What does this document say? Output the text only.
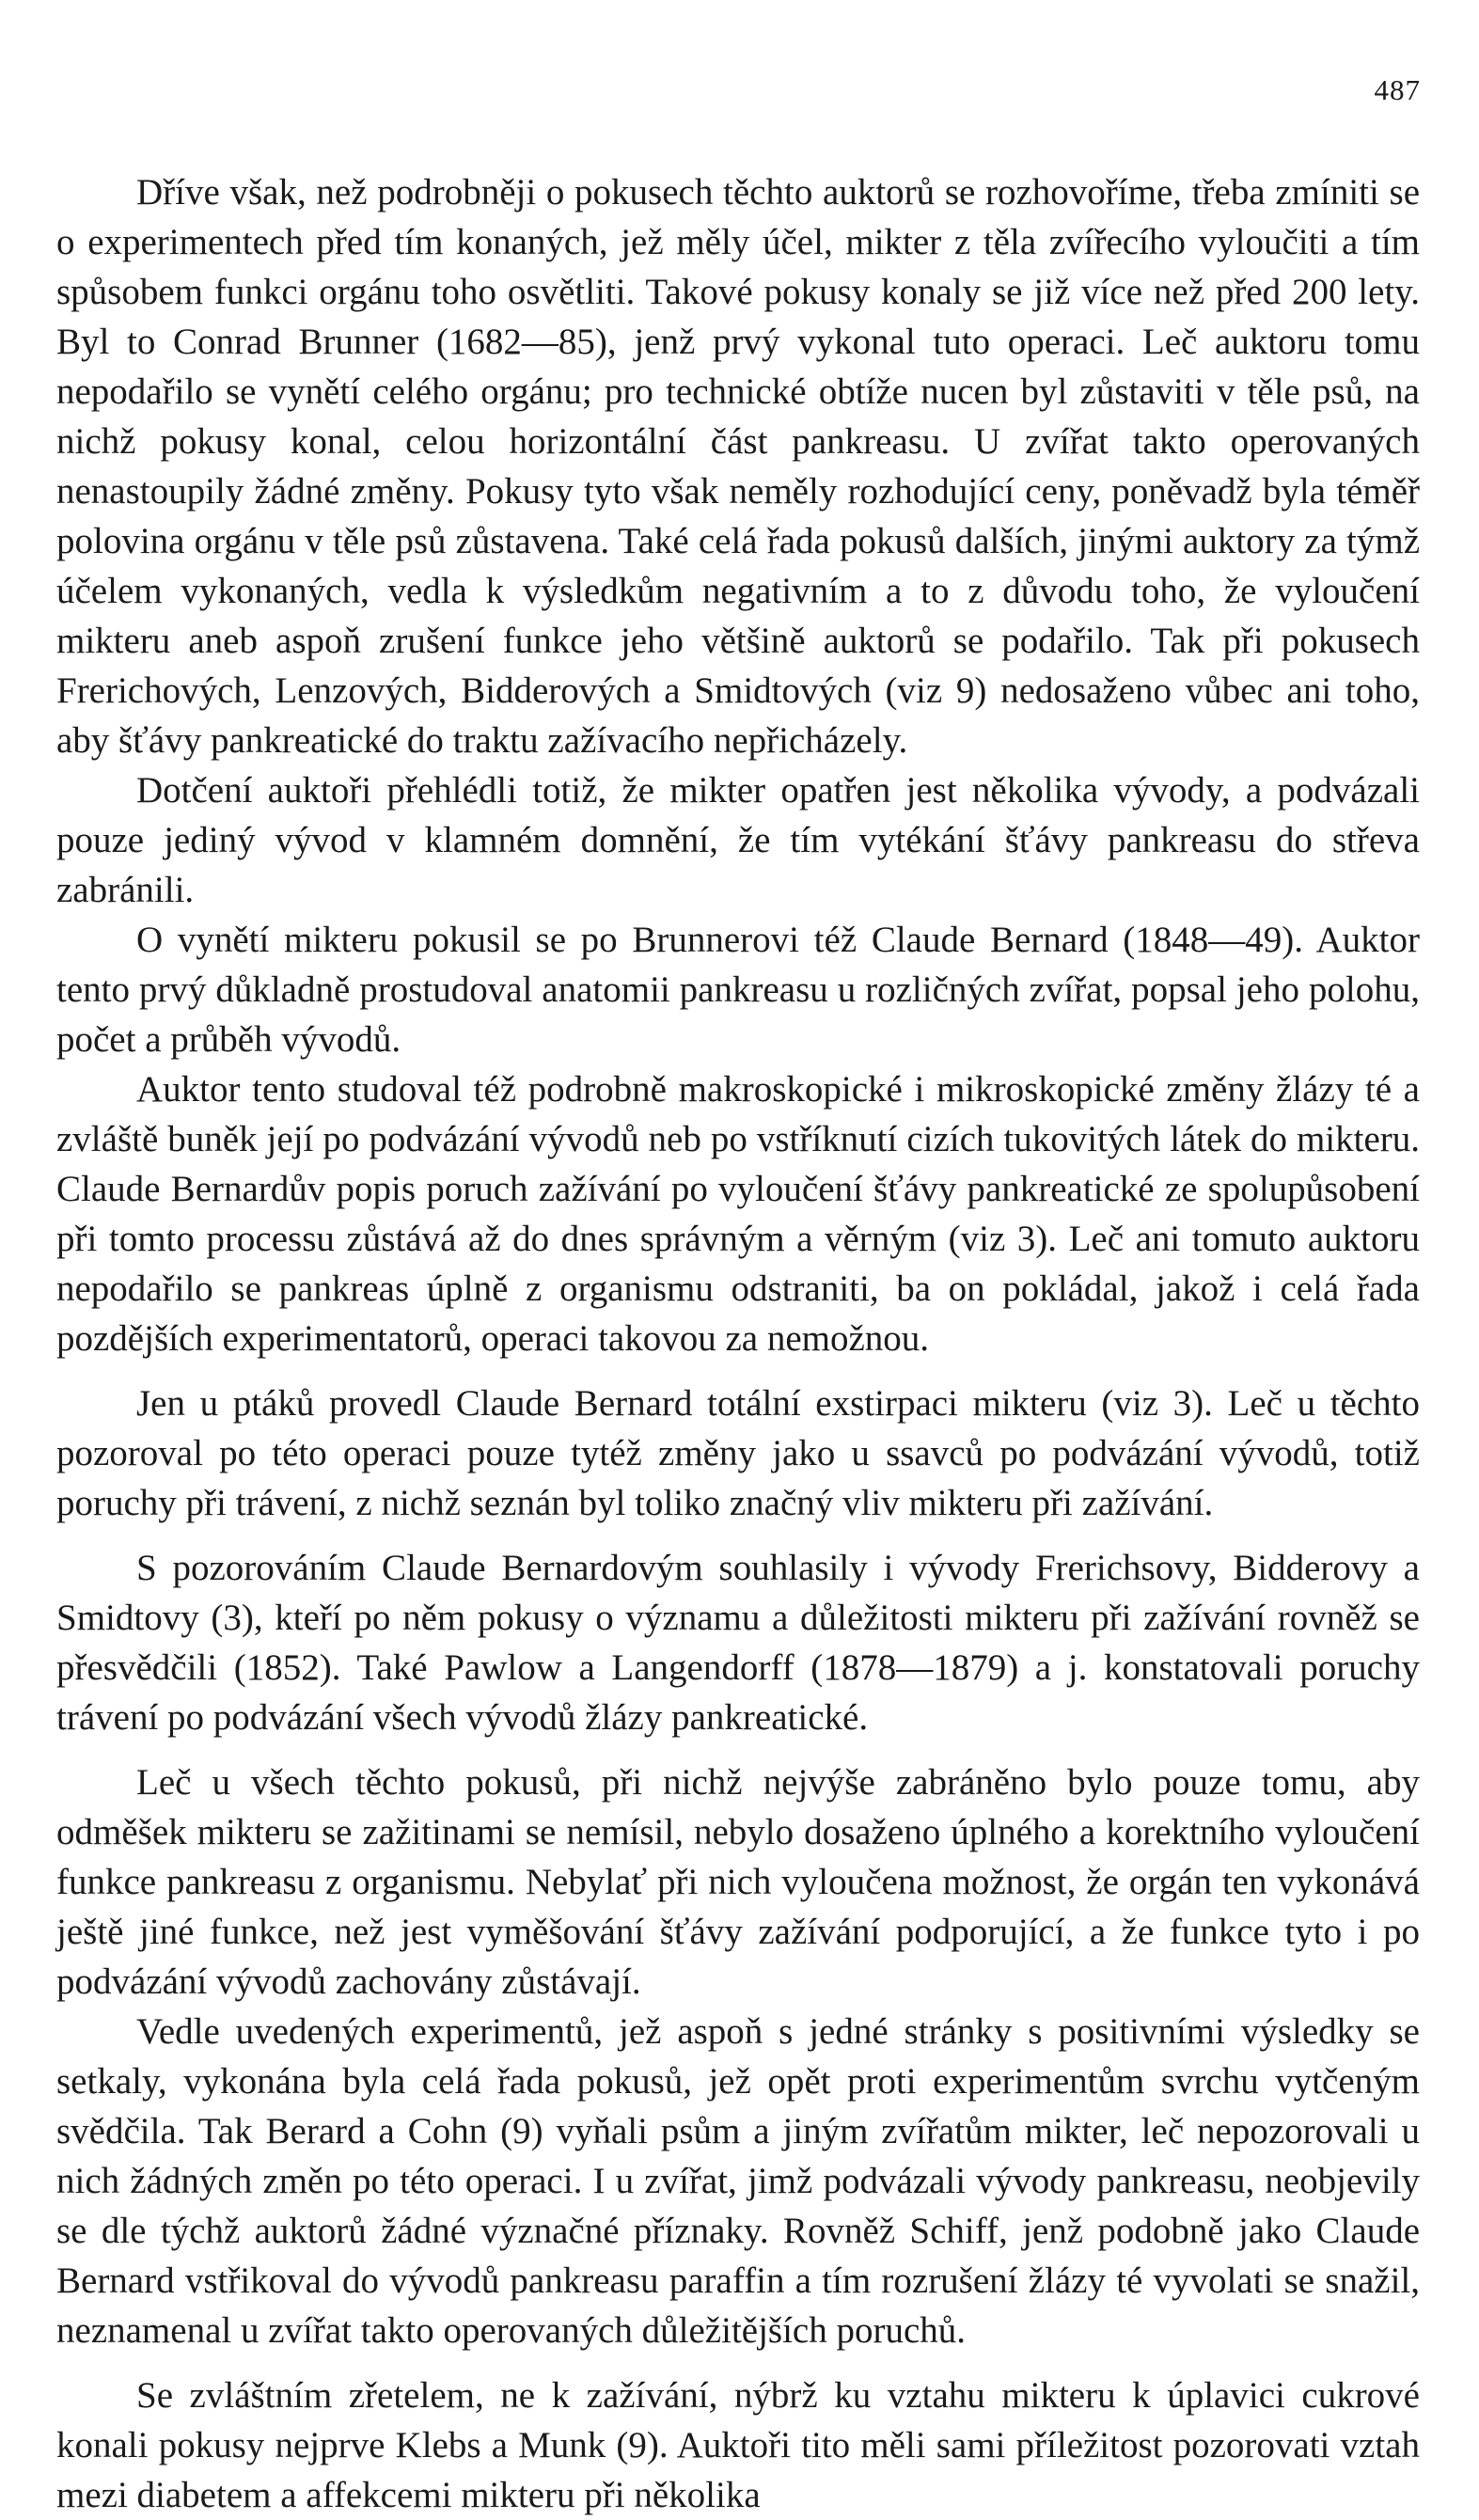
487

Dříve však, než podrobněji o pokusech těchto auktorů se rozhovoříme, třeba zmíniti se o experimentech před tím konaných, jež měly účel, mikter z těla zvířecího vyloučiti a tím spůsobem funkci orgánu toho osvětliti. Takové pokusy konaly se již více než před 200 lety. Byl to Conrad Brunner (1682—85), jenž prvý vykonal tuto operaci. Leč auktoru tomu nepodařilo se vynětí celého orgánu; pro technické obtíže nucen byl zůstaviti v těle psů, na nichž pokusy konal, celou horizontální část pankreasu. U zvířat takto operovaných nenastoupily žádné změny. Pokusy tyto však neměly rozhodující ceny, poněvadž byla téměř polovina orgánu v těle psů zůstavena. Také celá řada pokusů dalších, jinými auktory za týmž účelem vykonaných, vedla k výsledkům negativním a to z důvodu toho, že vyloučení mikteru aneb aspoň zrušení funkce jeho většině auktorů se podařilo. Tak při pokusech Frerichových, Lenzových, Bidderových a Smidtových (viz 9) nedosaženo vůbec ani toho, aby šťávy pankreatické do traktu zažívacího nepřicházely.

Dotčení auktoři přehlédli totiž, že mikter opatřen jest několika vývody, a podvázali pouze jediný vývod v klamném domnění, že tím vytékání šťávy pankreasu do střeva zabránili.

O vynětí mikteru pokusil se po Brunnerovi též Claude Bernard (1848—49). Auktor tento prvý důkladně prostudoval anatomii pankreasu u rozličných zvířat, popsal jeho polohu, počet a průběh vývodů.

Auktor tento studoval též podrobně makroskopické i mikroskopické změny žlázy té a zvláště buněk její po podvázání vývodů neb po vstříknutí cizích tukovitých látek do mikteru. Claude Bernardův popis poruch zažívání po vyloučení šťávy pankreatické ze spolupůsobení při tomto processu zůstává až do dnes správným a věrným (viz 3). Leč ani tomuto auktoru nepodařilo se pankreas úplně z organismu odstraniti, ba on pokládal, jakož i celá řada pozdějších experimentatorů, operaci takovou za nemožnou.

Jen u ptáků provedl Claude Bernard totální exstirpaci mikteru (viz 3). Leč u těchto pozoroval po této operaci pouze tytéž změny jako u ssavců po podvázání vývodů, totiž poruchy při trávení, z nichž seznán byl toliko značný vliv mikteru při zažívání.

S pozorováním Claude Bernardovým souhlasily i vývody Frerichsovy, Bidderovy a Smidtovy (3), kteří po něm pokusy o významu a důležitosti mikteru při zažívání rovněž se přesvědčili (1852). Také Pawlow a Langendorff (1878—1879) a j. konstatovali poruchy trávení po podvázání všech vývodů žlázy pankreatické.

Leč u všech těchto pokusů, při nichž nejvýše zabráněno bylo pouze tomu, aby odměšek mikteru se zažitinami se nemísil, nebylo dosaženo úplného a korektního vyloučení funkce pankreasu z organismu. Nebylať při nich vyloučena možnost, že orgán ten vykonává ještě jiné funkce, než jest vyměšování šťávy zažívání podporující, a že funkce tyto i po podvázání vývodů zachovány zůstávají.

Vedle uvedených experimentů, jež aspoň s jedné stránky s positivními výsledky se setkaly, vykonána byla celá řada pokusů, jež opět proti experimentům svrchu vytčeným svědčila. Tak Berard a Cohn (9) vyňali psům a jiným zvířatům mikter, leč nepozorovali u nich žádných změn po této operaci. I u zvířat, jimž podvázali vývody pankreasu, neobjevily se dle týchž auktorů žádné význačné příznaky. Rovněž Schiff, jenž podobně jako Claude Bernard vstřikoval do vývodů pankreasu paraffin a tím rozrušení žlázy té vyvolati se snažil, neznamenal u zvířat takto operovaných důležitějších poruchů.

Se zvláštním zřetelem, ne k zažívání, nýbrž ku vztahu mikteru k úplavici cukrové konali pokusy nejprve Klebs a Munk (9). Auktoři tito měli sami příležitost pozorovati vztah mezi diabetem a affekcemi mikteru při několika
